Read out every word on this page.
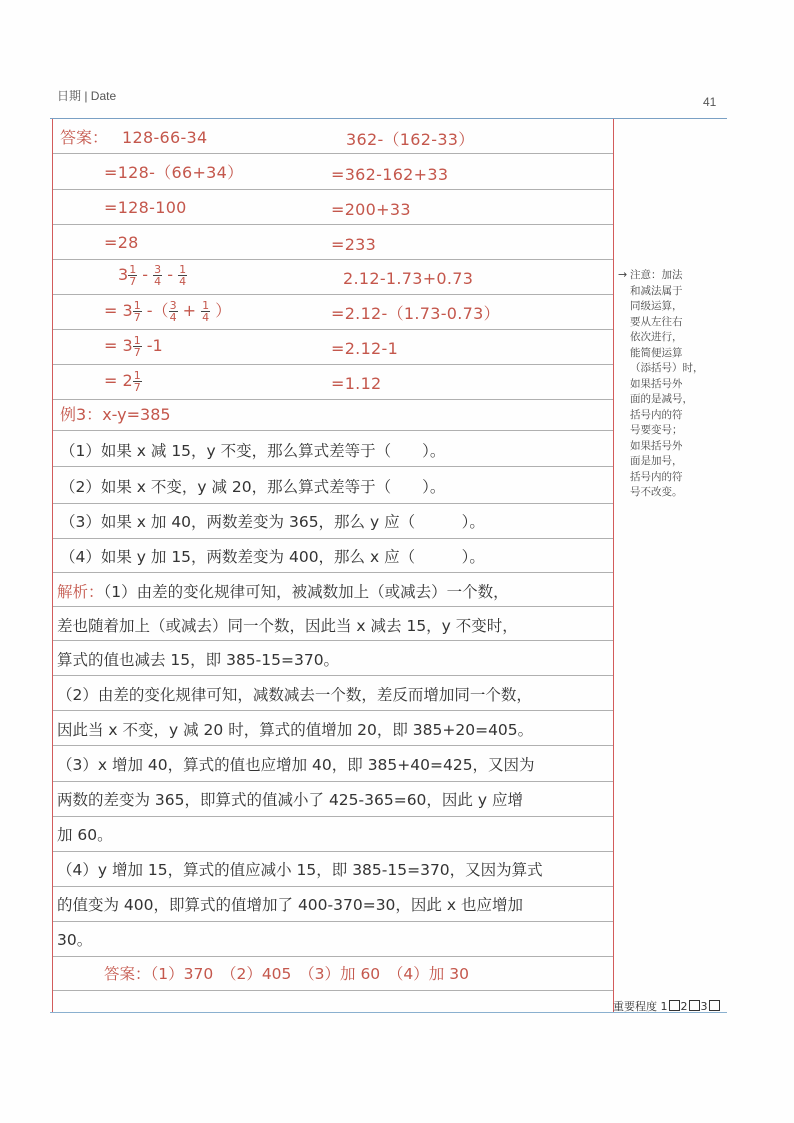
日期 | Date	41
答案： 128-66-34
=128-（66+34）
=128-100
=28
362-（162-33）
=362-162+33
=200+33
=233
$3 \frac{1}{7} - \frac{3}{4} - \frac{1}{4}$
= $3 \frac{1}{7}$ -（ $\frac{3}{4} + \frac{1}{4}$ ）
= $3 \frac{1}{7} -1$
= $2 \frac{1}{7}$
2.12-1.73+0.73
=2.12-（1.73-0.73）
=2.12-1
=1.12
例3：x-y=385
（1）如果 x 减 15，y 不变，那么算式差等于（　　）。
（2）如果 x 不变，y 减 20，那么算式差等于（　　）。
（3）如果 x 加 40，两数差变为 365，那么 y 应（　　　）。
（4）如果 y 加 15，两数差变为 400，那么 x 应（　　　）。
解析：（1）由差的变化规律可知，被减数加上（或减去）一个数，
差也随着加上（或减去）同一个数，因此当 x 减去 15，y 不变时，
算式的值也减去 15，即 385-15=370。
（2）由差的变化规律可知，减数减去一个数，差反而增加同一个数，
因此当 x 不变，y 减 20 时，算式的值增加 20，即 385+20=405。
（3）x 增加 40，算式的值也应增加 40，即 385+40=425，又因为
两数的差变为 365，即算式的值减小了 425-365=60，因此 y 应增
加 60。
（4）y 增加 15，算式的值应减小 15，即 385-15=370，又因为算式
的值变为 400，即算式的值增加了 400-370=30，因此 x 也应增加
30。
答案：（1）370　（2）405　（3）加 60　（4）加 30
→ 注意：加法
和减法属于
同级运算，
要从左往右
依次进行，
能简便运算
（添括号）时，
如果括号外
面的是减号，
括号内的符
号要变号；
如果括号外
面是加号，
括号内的符
号不改变。
重要程度 1 2 3
